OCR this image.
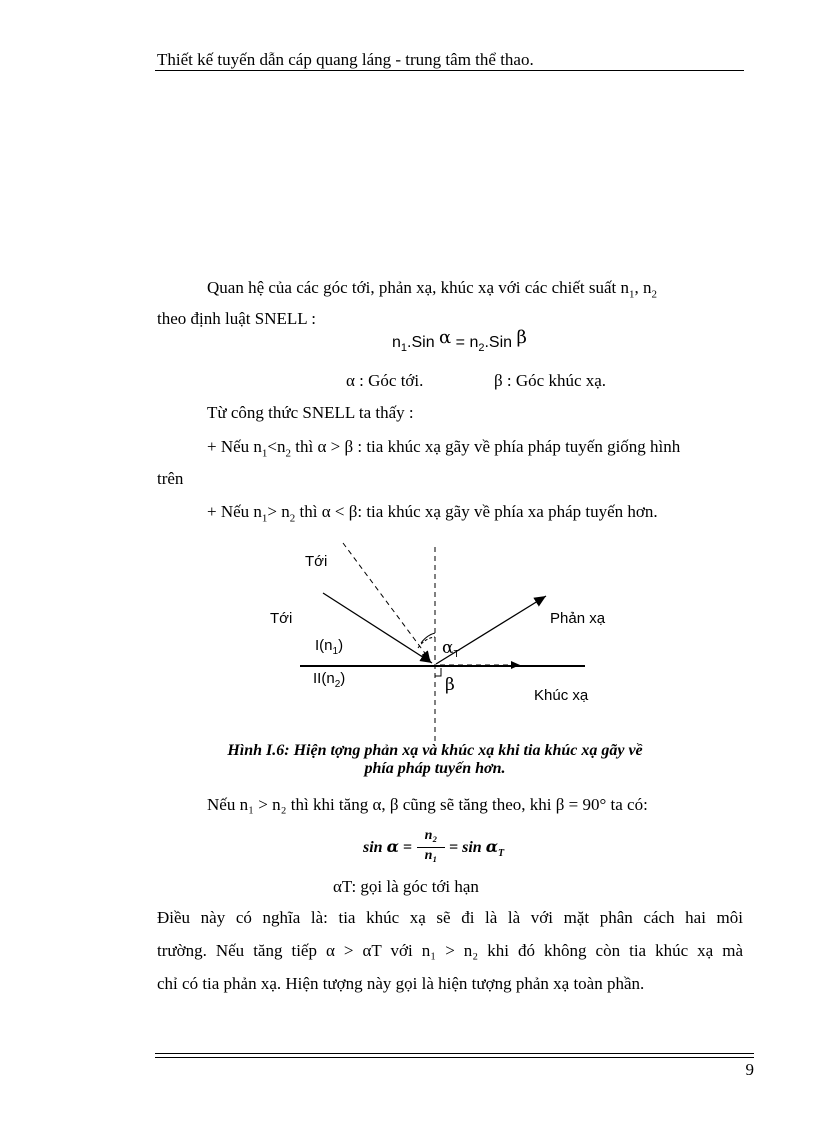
Thiết kế tuyến dẫn cáp quang láng - trung tâm thể thao.
Quan hệ của các góc tới, phản xạ, khúc xạ với các chiết suất $n_1$, $n_2$
theo định luật SNELL :
$n_1.Sin$ $\alpha = n_2.Sin$ β
α : Góc tới.	β : Góc khúc xạ.
Từ công thức SNELL ta thấy :
+ Nếu $n_1<n_2$ thì α > β : tia khúc xạ gãy về phía pháp tuyến giống hình
trên
+ Nếu $n_1> n_2$ thì α < β: tia khúc xạ gãy về phía xa pháp tuyến hơn.
Tới
Tới	Phản xạ
$I(n_1)$
$II(n_2)$
$\alpha_T$
β
Khúc xạ
Hình I.6: Hiện tợng phản xạ và khúc xạ khi tia khúc xạ gãy về
phía pháp tuyến hơn.
Nếu n₁ > n₂ thì khi tăng α, β cũng sẽ tăng theo, khi β = 90° ta có:
sin α =
n₂
$n_1 = \sin \alpha_T$
αT: gọi là góc tới hạn
Điều này có nghĩa là: tia khúc xạ sẽ đi là là với mặt phân cách hai môi
trường. Nếu tăng tiếp α > αT với n₁ > n₂ khi đó không còn tia khúc xạ mà
chỉ có tia phản xạ. Hiện tượng này gọi là hiện tượng phản xạ toàn phần.
9
